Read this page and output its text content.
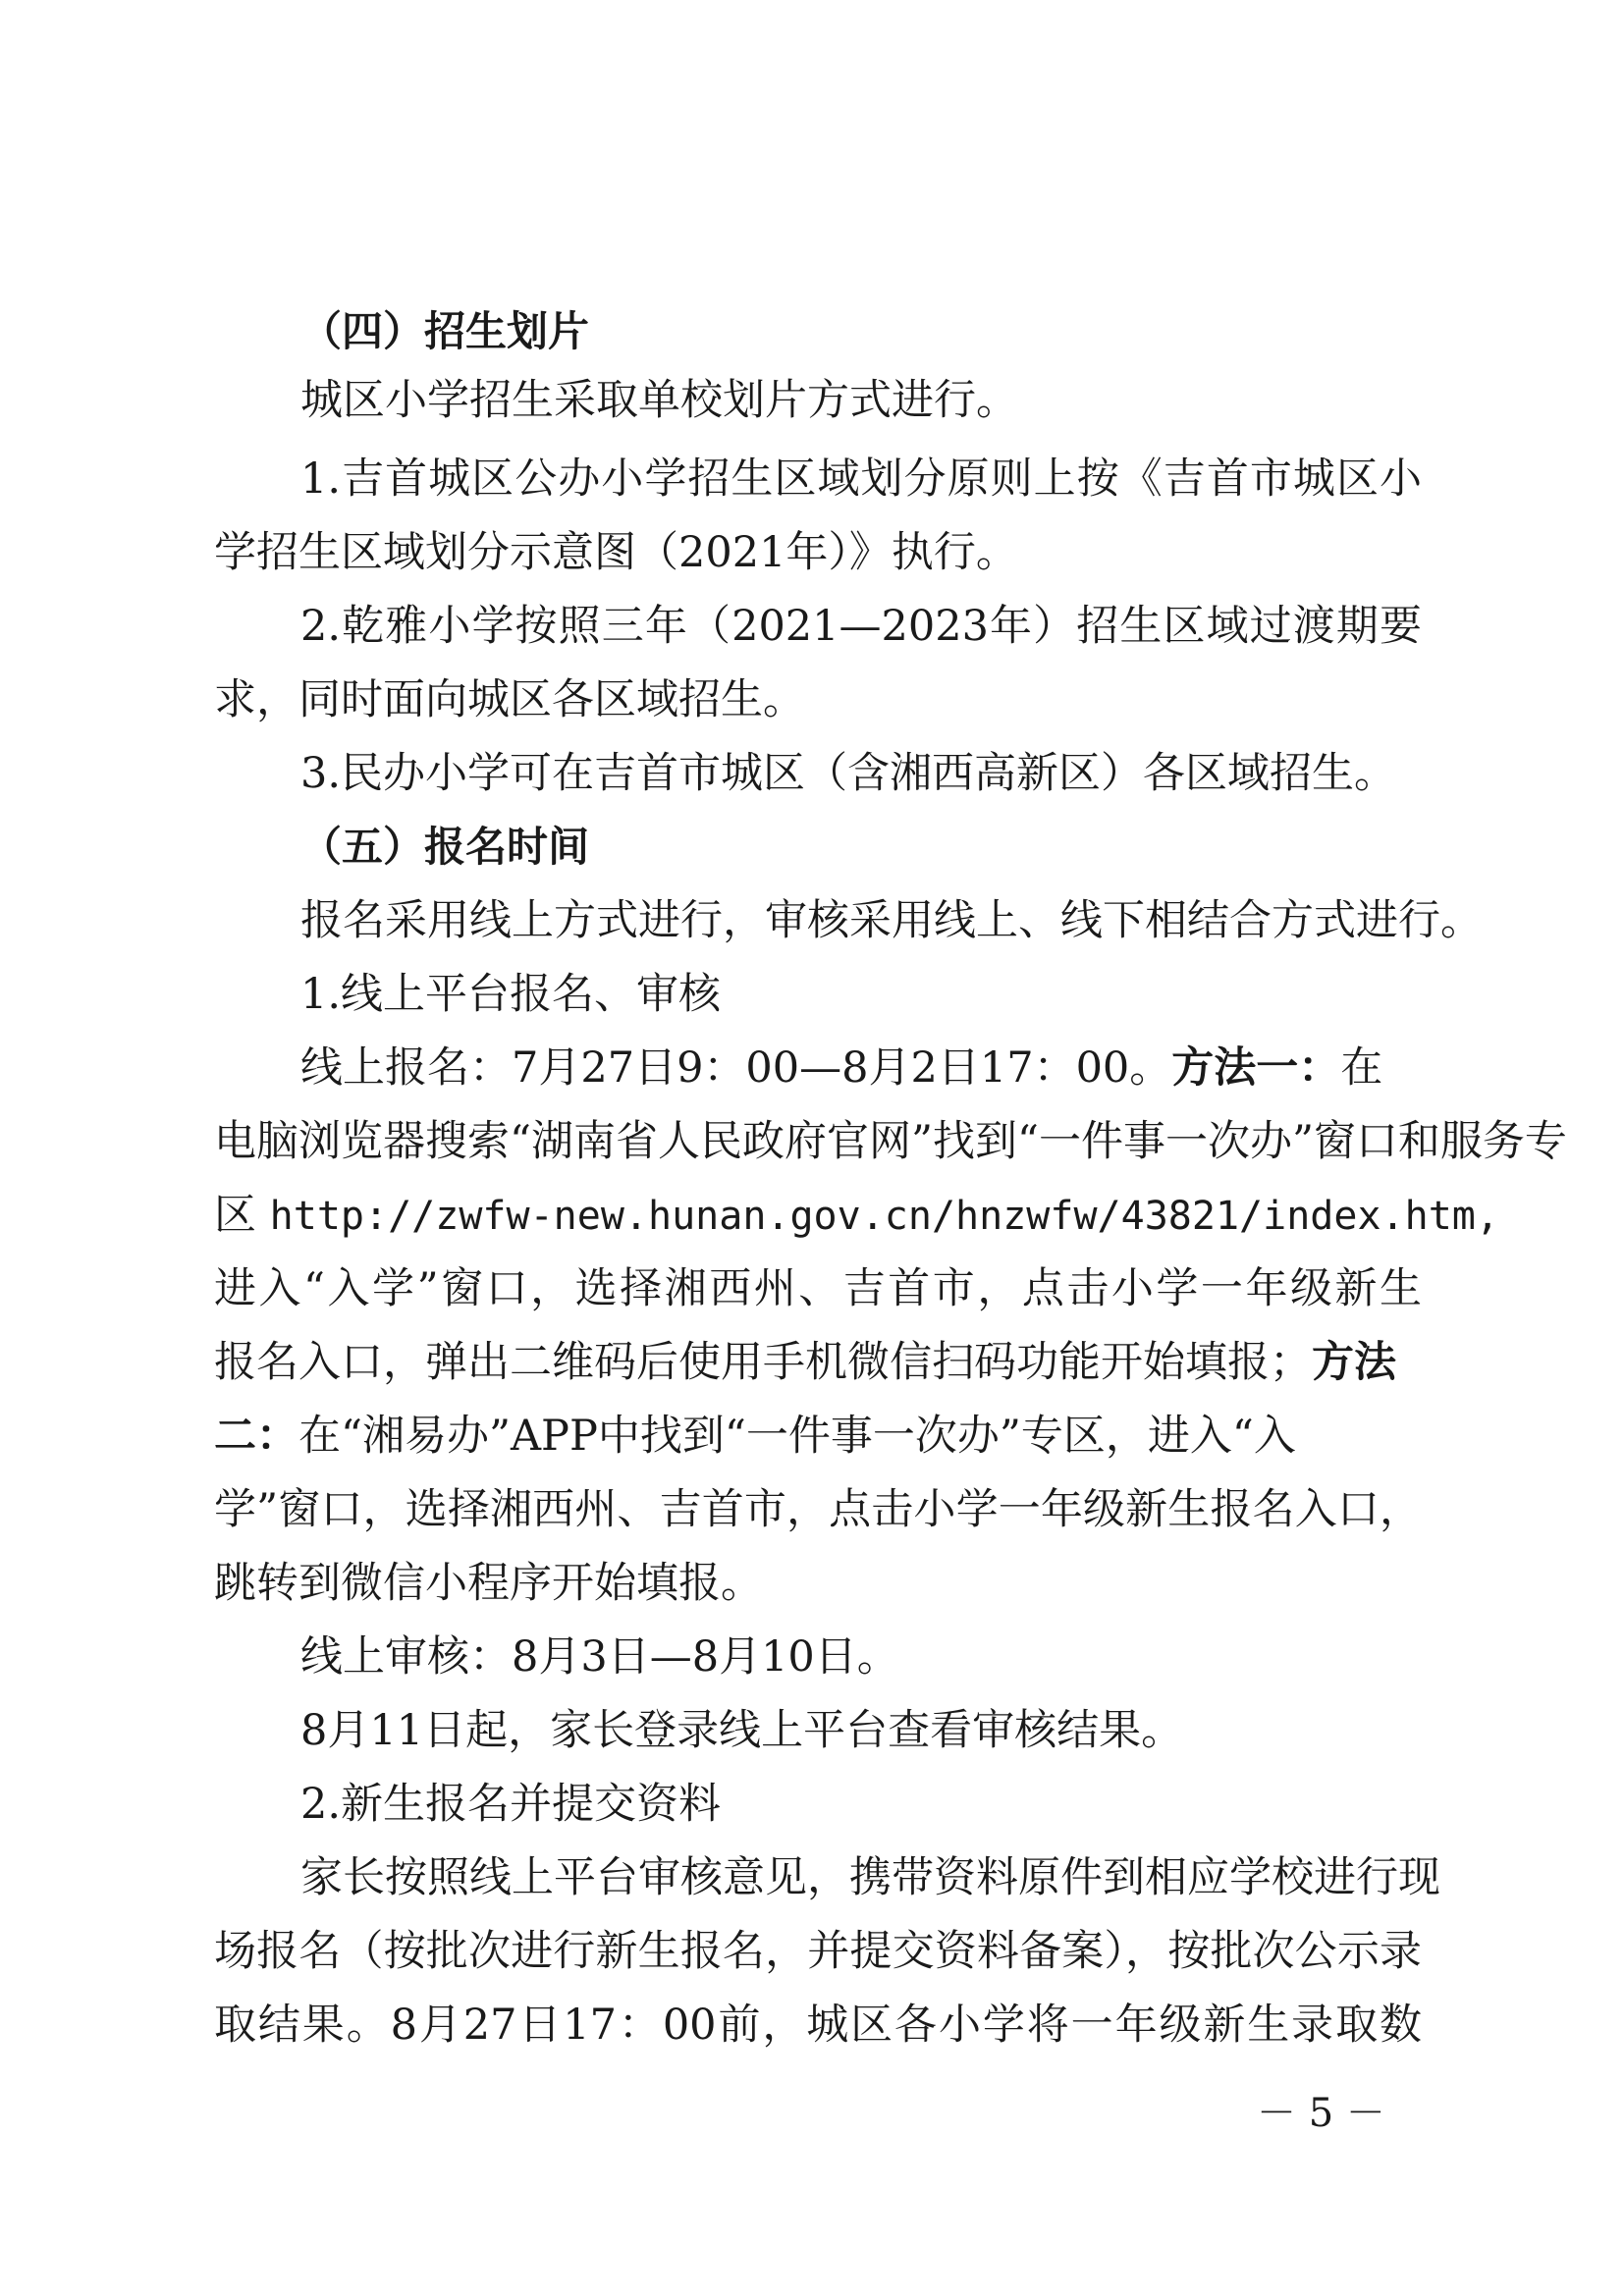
（四）招生划片
城区小学招生采取单校划片方式进行。
1.吉首城区公办小学招生区域划分原则上按《吉首市城区小
学招生区域划分示意图（2021年）》执行。
2.乾雅小学按照三年（2021—2023年）招生区域过渡期要
求，同时面向城区各区域招生。
3.民办小学可在吉首市城区（含湘西高新区）各区域招生。
（五）报名时间
报名采用线上方式进行，审核采用线上、线下相结合方式进行。
1.线上平台报名、审核
线上报名：7月27日9：00—8月2日17：00。方法一：在
电脑浏览器搜索“湖南省人民政府官网”找到“一件事一次办”窗口和服务专
区 http://zwfw-new.hunan.gov.cn/hnzwfw/43821/index.htm,
进入“入学”窗口，选择湘西州、吉首市，点击小学一年级新生
报名入口，弹出二维码后使用手机微信扫码功能开始填报；方法
二：在“湘易办”APP中找到“一件事一次办”专区，进入“入
学”窗口，选择湘西州、吉首市，点击小学一年级新生报名入口，
跳转到微信小程序开始填报。
线上审核：8月3日—8月10日。
8月11日起，家长登录线上平台查看审核结果。
2.新生报名并提交资料
家长按照线上平台审核意见，携带资料原件到相应学校进行现
场报名（按批次进行新生报名，并提交资料备案），按批次公示录
取结果。8月27日17：00前，城区各小学将一年级新生录取数
－ 5 －
